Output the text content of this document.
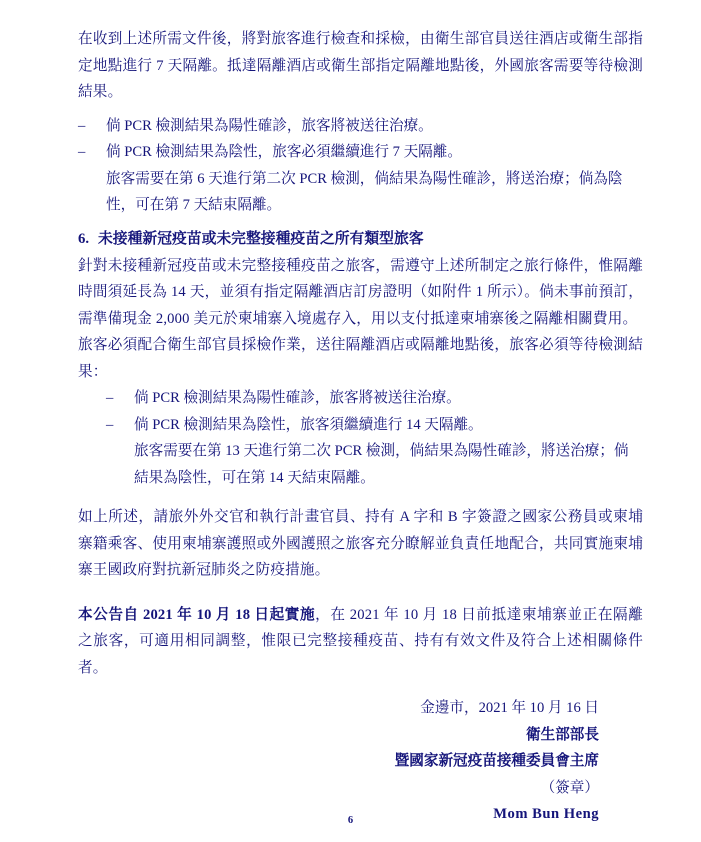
在收到上述所需文件後，將對旅客進行檢查和採檢，由衛生部官員送往酒店或衛生部指定地點進行 7 天隔離。抵達隔離酒店或衛生部指定隔離地點後，外國旅客需要等待檢測結果。

–	倘 PCR 檢測結果為陽性確診，旅客將被送往治療。
–	倘 PCR 檢測結果為陰性，旅客必須繼續進行 7 天隔離。
旅客需要在第 6 天進行第二次 PCR 檢測，倘結果為陽性確診，將送治療；倘為陰性，可在第 7 天結束隔離。
6. 未接種新冠疫苗或未完整接種疫苗之所有類型旅客

針對未接種新冠疫苗或未完整接種疫苗之旅客，需遵守上述所制定之旅行條件，惟隔離時間須延長為 14 天，並須有指定隔離酒店訂房證明（如附件 1 所示）。倘未事前預訂，需準備現金 2,000 美元於柬埔寨入境處存入，用以支付抵達柬埔寨後之隔離相關費用。

旅客必須配合衛生部官員採檢作業，送往隔離酒店或隔離地點後，旅客必須等待檢測結果：

–	倘 PCR 檢測結果為陽性確診，旅客將被送往治療。
–	倘 PCR 檢測結果為陰性，旅客須繼續進行 14 天隔離。
旅客需要在第 13 天進行第二次 PCR 檢測，倘結果為陽性確診，將送治療；倘結果為陰性，可在第 14 天結束隔離。

如上所述，請旅外外交官和執行計畫官員、持有 A 字和 B 字簽證之國家公務員或柬埔寨籍乘客、使用柬埔寨護照或外國護照之旅客充分瞭解並負責任地配合，共同實施柬埔寨王國政府對抗新冠肺炎之防疫措施。

本公告自 2021 年 10 月 18 日起實施，在 2021 年 10 月 18 日前抵達柬埔寨並正在隔離之旅客，可適用相同調整，惟限已完整接種疫苗、持有有效文件及符合上述相關條件者。

金邊市，2021 年 10 月 16 日
衛生部部長
暨國家新冠疫苗接種委員會主席
（簽章）
Mom Bun Heng
6
